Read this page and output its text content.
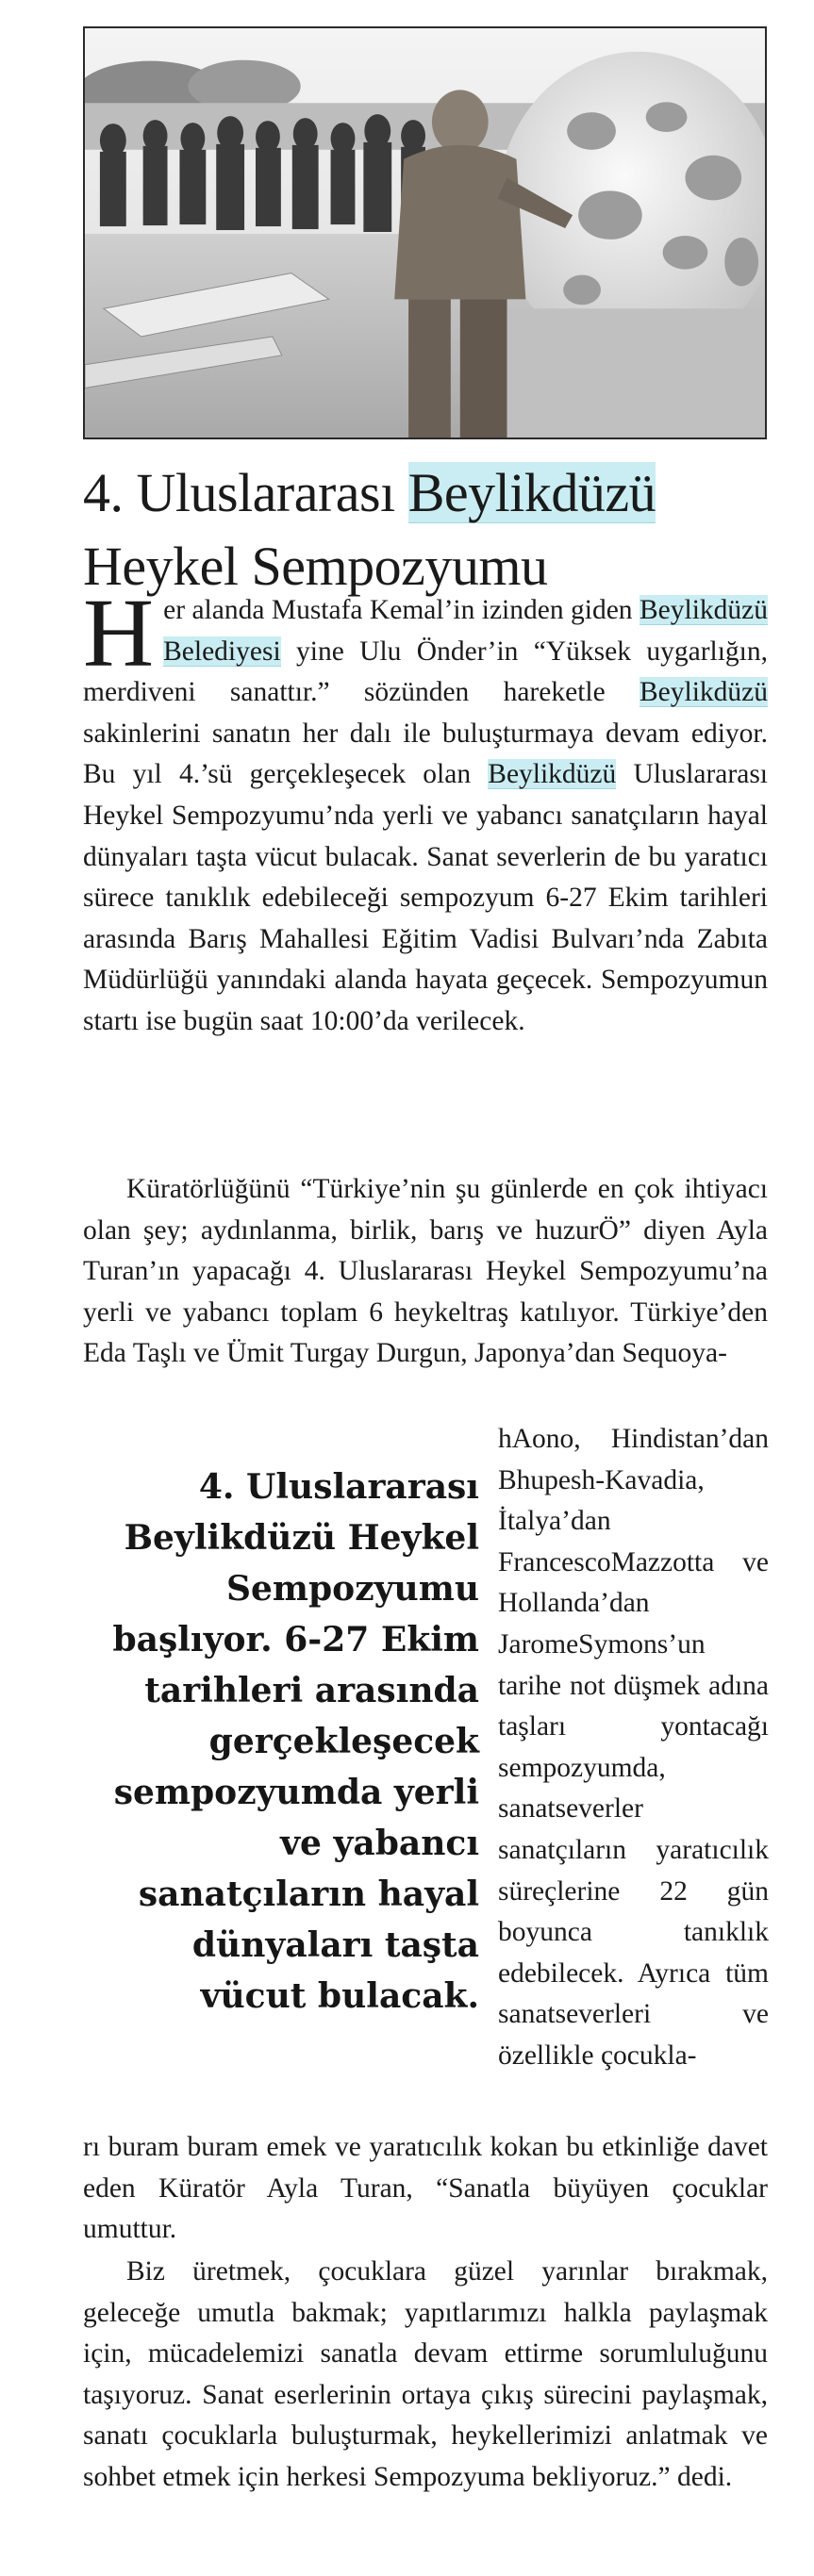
4. Uluslararası Beylikdüzü
Heykel Sempozyumu

Her alanda Mustafa Kemal’in izinden giden Beylikdüzü Belediyesi yine Ulu Önder’in “Yüksek uygarlığın, merdiveni sanattır.” sözünden hareketle Beylikdüzü sakinlerini sanatın her dalı ile buluşturmaya devam ediyor. Bu yıl 4.’sü gerçekleşecek olan Beylikdüzü Uluslararası Heykel Sempozyumu’nda yerli ve yabancı sanatçıların hayal dünyaları taşta vücut bulacak. Sanat severlerin de bu yaratıcı sürece tanıklık edebileceği sempozyum 6-27 Ekim tarihleri arasında Barış Mahallesi Eğitim Vadisi Bulvarı’nda Zabıta Müdürlüğü yanındaki alanda hayata geçecek. Sempozyumun startı ise bugün saat 10:00’da verilecek.

Küratörlüğünü “Türkiye’nin şu günlerde en çok ihtiyacı olan şey; aydınlanma, birlik, barış ve huzurÖ” diyen Ayla Turan’ın yapacağı 4. Uluslararası Heykel Sempozyumu’na yerli ve yabancı toplam 6 heykeltraş katılıyor. Türkiye’den Eda Taşlı ve Ümit Turgay Durgun, Japonya’dan Sequoya-

4. Uluslararası Beylikdüzü Heykel Sempozyumu başlıyor. 6-27 Ekim tarihleri arasında gerçekleşecek sempozyumda yerli ve yabancı sanatçıların hayal dünyaları taşta vücut bulacak.

hAono, Hindistan’dan Bhupesh-Kavadia, İtalya’dan FrancescoMazzotta ve Hollanda’dan JaromeSymons’un tarihe not düşmek adına taşları yontacağı sempozyumda, sanatseverler sanatçıların yaratıcılık süreçlerine 22 gün boyunca tanıklık edebilecek. Ayrıca tüm sanatseverleri ve özellikle çocukla-

rı buram buram emek ve yaratıcılık kokan bu etkinliğe davet eden Küratör Ayla Turan, “Sanatla büyüyen çocuklar umuttur.

Biz üretmek, çocuklara güzel yarınlar bırakmak, geleceğe umutla bakmak; yapıtlarımızı halkla paylaşmak için, mücadelemizi sanatla devam ettirme sorumluluğunu taşıyoruz. Sanat eserlerinin ortaya çıkış sürecini paylaşmak, sanatı çocuklarla buluşturmak, heykellerimizi anlatmak ve sohbet etmek için herkesi Sempozyuma bekliyoruz.” dedi.
